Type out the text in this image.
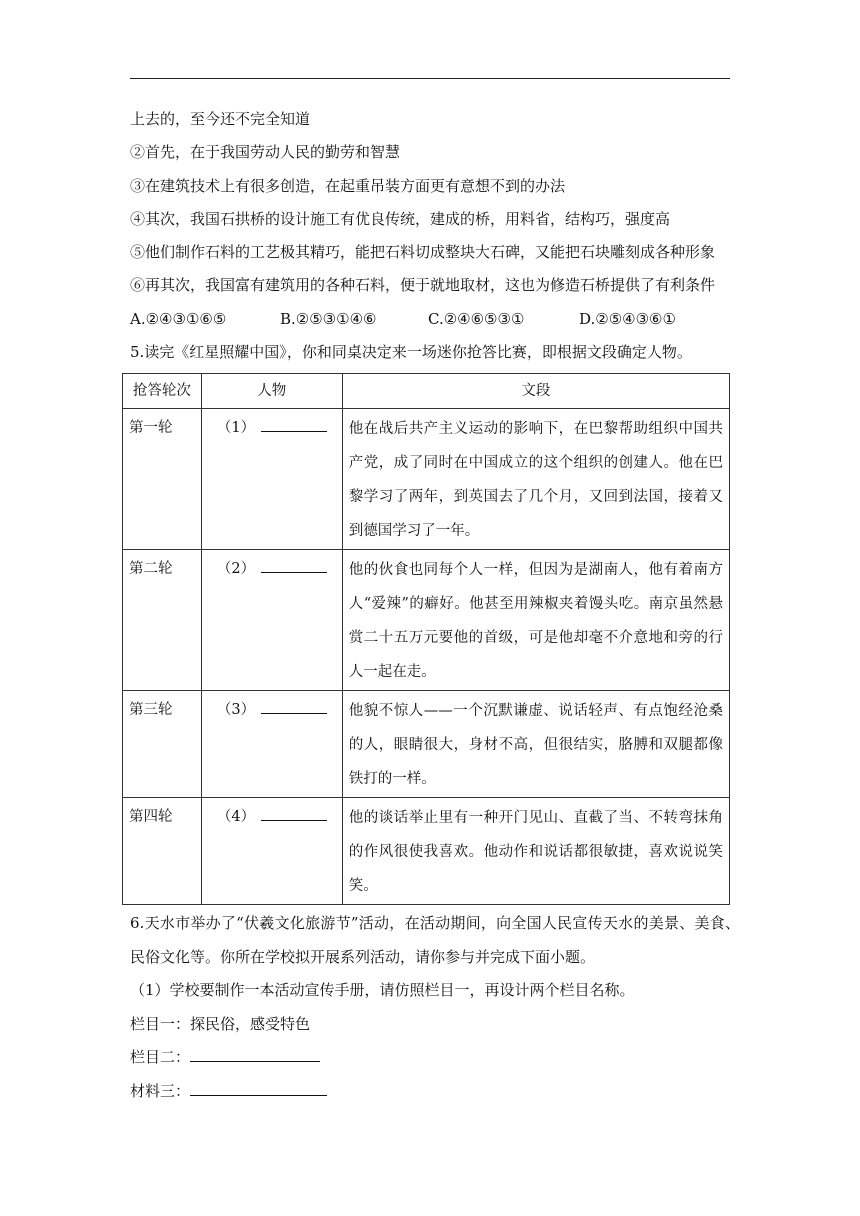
上去的，至今还不完全知道
②首先，在于我国劳动人民的勤劳和智慧
③在建筑技术上有很多创造，在起重吊装方面更有意想不到的办法
④其次，我国石拱桥的设计施工有优良传统，建成的桥，用料省，结构巧，强度高
⑤他们制作石料的工艺极其精巧，能把石料切成整块大石碑，又能把石块雕刻成各种形象
⑥再其次，我国富有建筑用的各种石料，便于就地取材，这也为修造石桥提供了有利条件
A.②④③①⑥⑤	B.②⑤③①④⑥	C.②④⑥⑤③①	D.②⑤④③⑥①
5.读完《红星照耀中国》，你和同桌决定来一场迷你抢答比赛，即根据文段确定人物。
抢答轮次	人物	文段
第一轮	（1）	他在战后共产主义运动的影响下，在巴黎帮助组织中国共产党，成了同时在中国成立的这个组织的创建人。他在巴黎学习了两年，到英国去了几个月，又回到法国，接着又到德国学习了一年。
第二轮	（2）	他的伙食也同每个人一样，但因为是湖南人，他有着南方人“爱辣”的癖好。他甚至用辣椒夹着馒头吃。南京虽然悬赏二十五万元要他的首级，可是他却毫不介意地和旁的行人一起在走。
第三轮	（3）	他貌不惊人——一个沉默谦虚、说话轻声、有点饱经沧桑的人，眼睛很大，身材不高，但很结实，胳膊和双腿都像铁打的一样。
第四轮	（4）	他的谈话举止里有一种开门见山、直截了当、不转弯抹角的作风很使我喜欢。他动作和说话都很敏捷，喜欢说说笑笑。
6.天水市举办了“伏羲文化旅游节”活动，在活动期间，向全国人民宣传天水的美景、美食、民俗文化等。你所在学校拟开展系列活动，请你参与并完成下面小题。
（1）学校要制作一本活动宣传手册，请仿照栏目一，再设计两个栏目名称。
栏目一：探民俗，感受特色
栏目二：
材料三：
